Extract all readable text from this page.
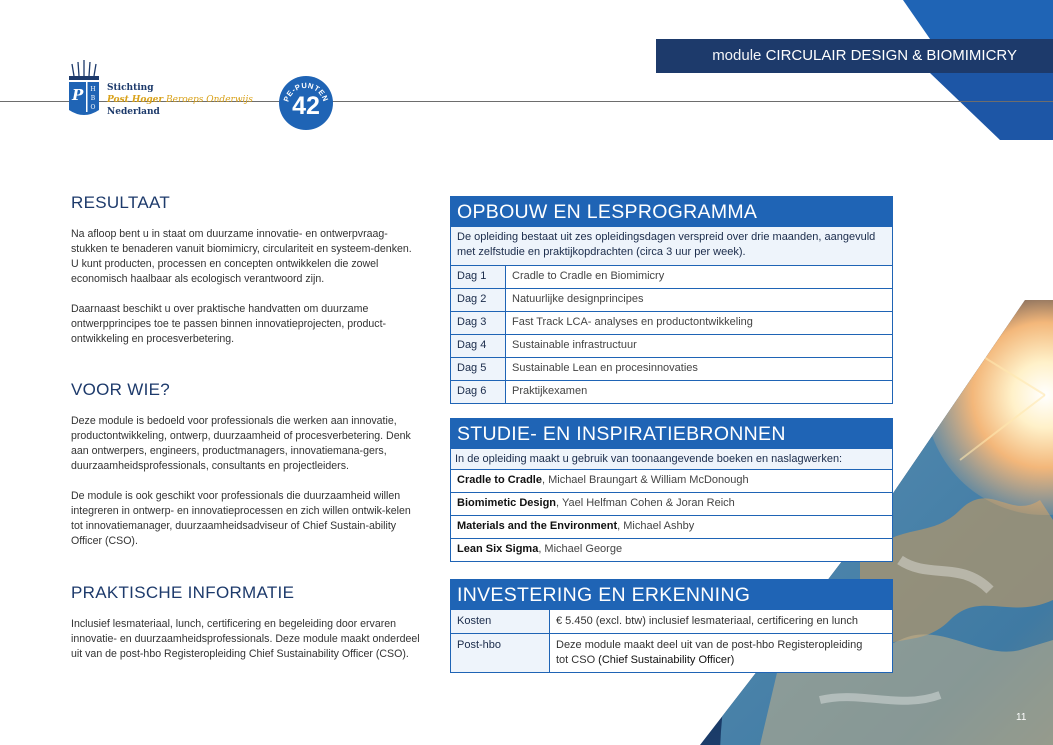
module CIRCULAIR DESIGN & BIOMIMICRY
P H B O
Stichting
Post Hoger Beroeps Onderwijs
Nederland
PE-PUNTEN
42
RESULTAAT

Na afloop bent u in staat om duurzame innovatie- en ontwerpvraag-stukken te benaderen vanuit biomimicry, circulariteit en systeem-denken. U kunt producten, processen en concepten ontwikkelen die zowel economisch haalbaar als ecologisch verantwoord zijn.

Daarnaast beschikt u over praktische handvatten om duurzame ontwerpprincipes toe te passen binnen innovatieprojecten, product-ontwikkeling en procesverbetering.

VOOR WIE?

Deze module is bedoeld voor professionals die werken aan innovatie, productontwikkeling, ontwerp, duurzaamheid of procesverbetering. Denk aan ontwerpers, engineers, productmanagers, innovatiemana-gers, duurzaamheidsprofessionals, consultants en projectleiders.

De module is ook geschikt voor professionals die duurzaamheid willen integreren in ontwerp- en innovatieprocessen en zich willen ontwik-kelen tot innovatiemanager, duurzaamheidsadviseur of Chief Sustain-ability Officer (CSO).

PRAKTISCHE INFORMATIE

Inclusief lesmateriaal, lunch, certificering en begeleiding door ervaren innovatie- en duurzaamheidsprofessionals. Deze module maakt onderdeel uit van de post-hbo Registeropleiding Chief Sustainability Officer (CSO).

OPBOUW EN LESPROGRAMMA
De opleiding bestaat uit zes opleidingsdagen verspreid over drie maanden, aangevuld met zelfstudie en praktijkopdrachten (circa 3 uur per week).
Dag 1	Cradle to Cradle en Biomimicry
Dag 2	Natuurlijke designprincipes
Dag 3	Fast Track LCA- analyses en productontwikkeling
Dag 4	Sustainable infrastructuur
Dag 5	Sustainable Lean en procesinnovaties
Dag 6	Praktijkexamen
STUDIE- EN INSPIRATIEBRONNEN
In de opleiding maakt u gebruik van toonaangevende boeken en naslagwerken:
Cradle to Cradle, Michael Braungart & William McDonough
Biomimetic Design, Yael Helfman Cohen & Joran Reich
Materials and the Environment, Michael Ashby
Lean Six Sigma, Michael George
INVESTERING EN ERKENNING
Kosten	€ 5.450 (excl. btw) inclusief lesmateriaal, certificering en lunch
Post-hbo	Deze module maakt deel uit van de post-hbo Registeropleiding tot CSO (Chief Sustainability Officer)
11
